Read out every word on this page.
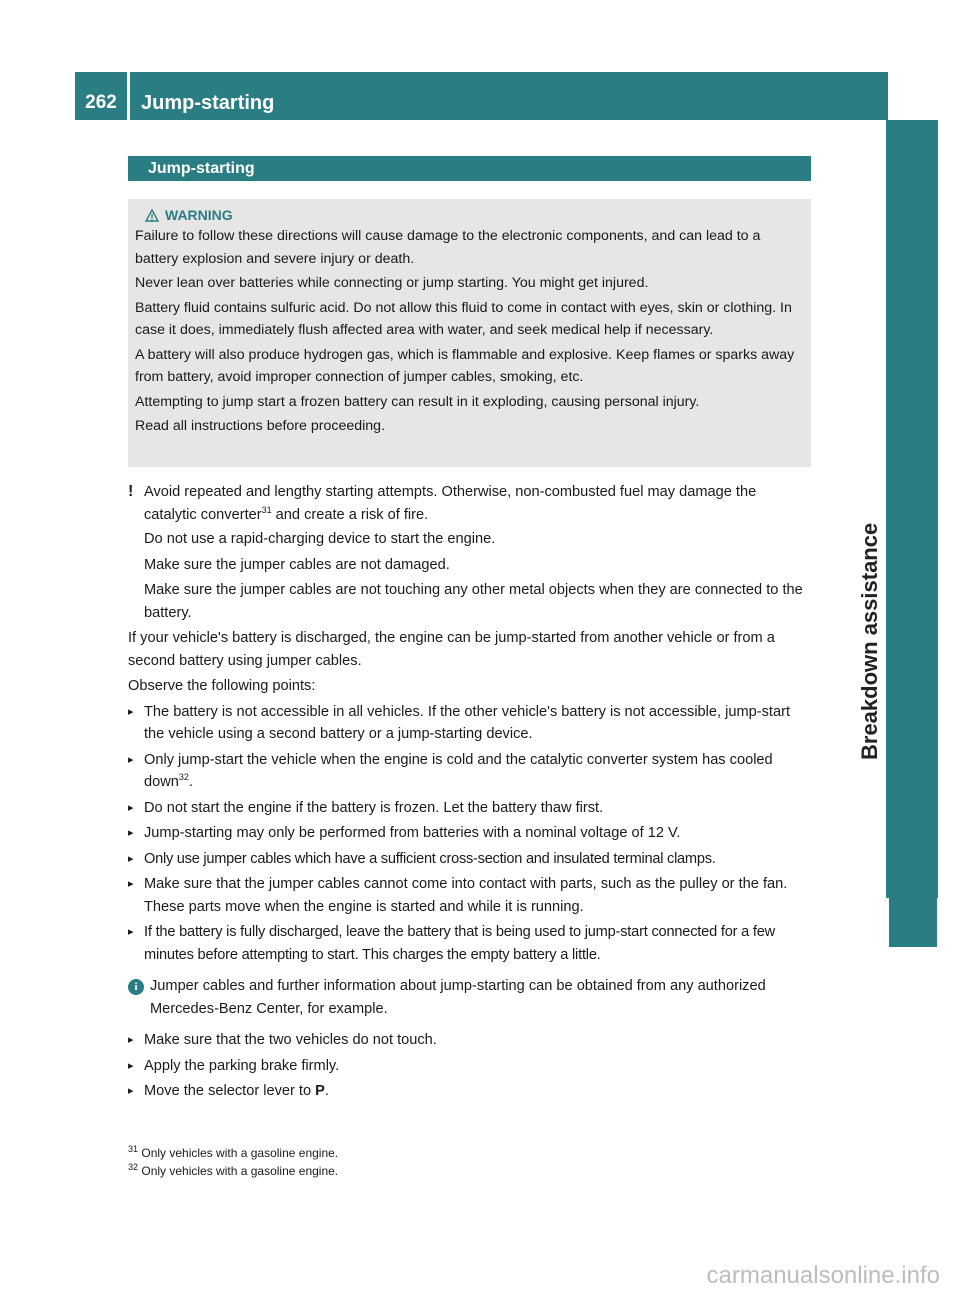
262	Jump-starting
Breakdown assistance
Jump-starting
WARNING

Failure to follow these directions will cause damage to the electronic components, and can lead to a battery explosion and severe injury or death.

Never lean over batteries while connecting or jump starting. You might get injured.

Battery fluid contains sulfuric acid. Do not allow this fluid to come in contact with eyes, skin or clothing. In case it does, immediately flush affected area with water, and seek medical help if necessary.

A battery will also produce hydrogen gas, which is flammable and explosive. Keep flames or sparks away from battery, avoid improper connection of jumper cables, smoking, etc.

Attempting to jump start a frozen battery can result in it exploding, causing personal injury.

Read all instructions before proceeding.

! Avoid repeated and lengthy starting attempts. Otherwise, non-combusted fuel may damage the catalytic converter$^{31}$ and create a risk of fire.

Do not use a rapid-charging device to start the engine.

Make sure the jumper cables are not damaged.

Make sure the jumper cables are not touching any other metal objects when they are connected to the battery.

If your vehicle's battery is discharged, the engine can be jump-started from another vehicle or from a second battery using jumper cables.

Observe the following points:

▸ The battery is not accessible in all vehicles. If the other vehicle's battery is not accessible, jump-start the vehicle using a second battery or a jump-starting device.
▸ Only jump-start the vehicle when the engine is cold and the catalytic converter system has cooled down$^{32}$.
▸ Do not start the engine if the battery is frozen. Let the battery thaw first.
▸ Jump-starting may only be performed from batteries with a nominal voltage of 12 V.
▸ Only use jumper cables which have a sufficient cross-section and insulated terminal clamps.
▸ Make sure that the jumper cables cannot come into contact with parts, such as the pulley or the fan. These parts move when the engine is started and while it is running.
▸ If the battery is fully discharged, leave the battery that is being used to jump-start connected for a few minutes before attempting to start. This charges the empty battery a little.
i Jumper cables and further information about jump-starting can be obtained from any authorized Mercedes-Benz Center, for example.
▸ Make sure that the two vehicles do not touch.
▸ Apply the parking brake firmly.
▸ Move the selector lever to P.
$^{31}$ Only vehicles with a gasoline engine.
$^{32}$ Only vehicles with a gasoline engine.
carmanualsonline.info
